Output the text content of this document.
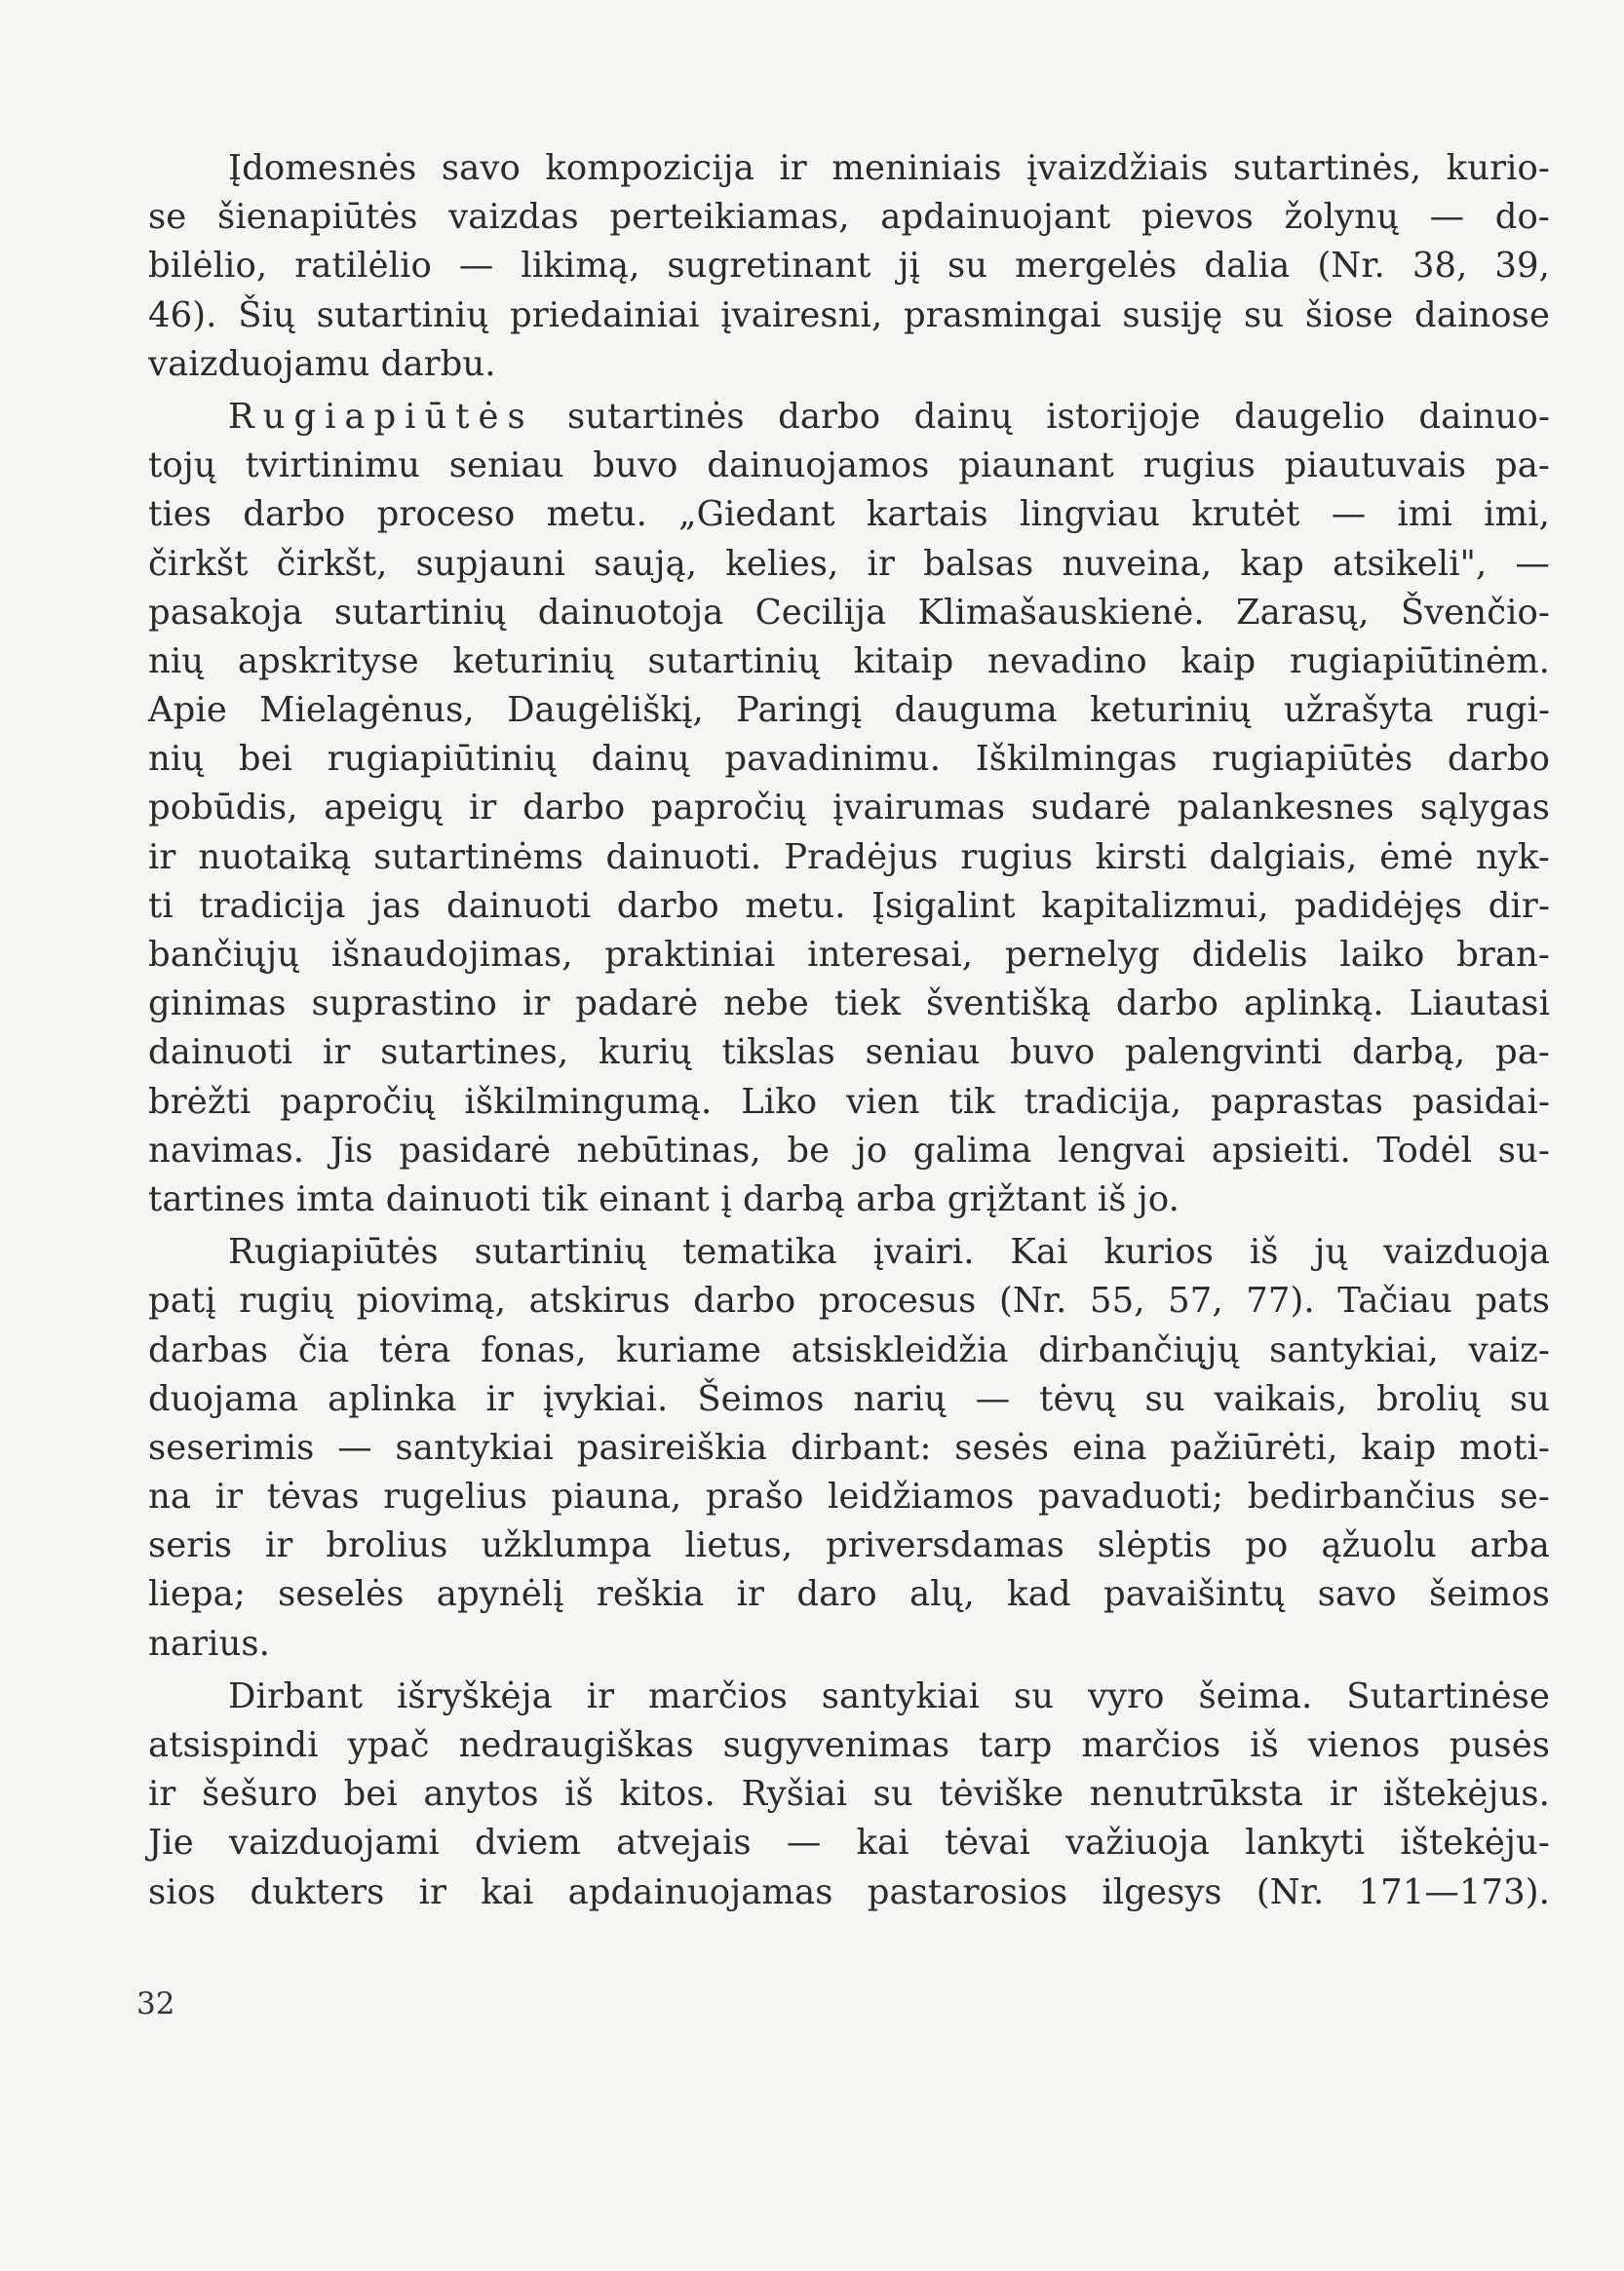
Įdomesnės savo kompozicija ir meniniais įvaizdžiais sutartinės, kurio-
se šienapiūtės vaizdas perteikiamas, apdainuojant pievos žolynų — do-
bilėlio, ratilėlio — likimą, sugretinant jį su mergelės dalia (Nr. 38, 39,
46). Šių sutartinių priedainiai įvairesni, prasmingai susiję su šiose dainose
vaizduojamu darbu.
Rugiapiūtės sutartinės darbo dainų istorijoje daugelio dainuo-
tojų tvirtinimu seniau buvo dainuojamos piaunant rugius piautuvais pa-
ties darbo proceso metu. „Giedant kartais lingviau krutėt — imi imi,
čirkšt čirkšt, supjauni saują, kelies, ir balsas nuveina, kap atsikeli", —
pasakoja sutartinių dainuotoja Cecilija Klimašauskienė. Zarasų, Švenčio-
nių apskrityse keturinių sutartinių kitaip nevadino kaip rugiapiūtinėm.
Apie Mielagėnus, Daugėliškį, Paringį dauguma keturinių užrašyta rugi-
nių bei rugiapiūtinių dainų pavadinimu. Iškilmingas rugiapiūtės darbo
pobūdis, apeigų ir darbo papročių įvairumas sudarė palankesnes sąlygas
ir nuotaiką sutartinėms dainuoti. Pradėjus rugius kirsti dalgiais, ėmė nyk-
ti tradicija jas dainuoti darbo metu. Įsigalint kapitalizmui, padidėjęs dir-
bančiųjų išnaudojimas, praktiniai interesai, pernelyg didelis laiko bran-
ginimas suprastino ir padarė nebe tiek šventišką darbo aplinką. Liautasi
dainuoti ir sutartines, kurių tikslas seniau buvo palengvinti darbą, pa-
brėžti papročių iškilmingumą. Liko vien tik tradicija, paprastas pasidai-
navimas. Jis pasidarė nebūtinas, be jo galima lengvai apsieiti. Todėl su-
tartines imta dainuoti tik einant į darbą arba grįžtant iš jo.
Rugiapiūtės sutartinių tematika įvairi. Kai kurios iš jų vaizduoja
patį rugių piovimą, atskirus darbo procesus (Nr. 55, 57, 77). Tačiau pats
darbas čia tėra fonas, kuriame atsiskleidžia dirbančiųjų santykiai, vaiz-
duojama aplinka ir įvykiai. Šeimos narių — tėvų su vaikais, brolių su
seserimis — santykiai pasireiškia dirbant: sesės eina pažiūrėti, kaip moti-
na ir tėvas rugelius piauna, prašo leidžiamos pavaduoti; bedirbančius se-
seris ir brolius užklumpa lietus, priversdamas slėptis po ąžuolu arba
liepa; seselės apynėlį reškia ir daro alų, kad pavaišintų savo šeimos
narius.
Dirbant išryškėja ir marčios santykiai su vyro šeima. Sutartinėse
atsispindi ypač nedraugiškas sugyvenimas tarp marčios iš vienos pusės
ir šešuro bei anytos iš kitos. Ryšiai su tėviške nenutrūksta ir ištekėjus.
Jie vaizduojami dviem atvejais — kai tėvai važiuoja lankyti ištekėju-
sios dukters ir kai apdainuojamas pastarosios ilgesys (Nr. 171—173).
32
